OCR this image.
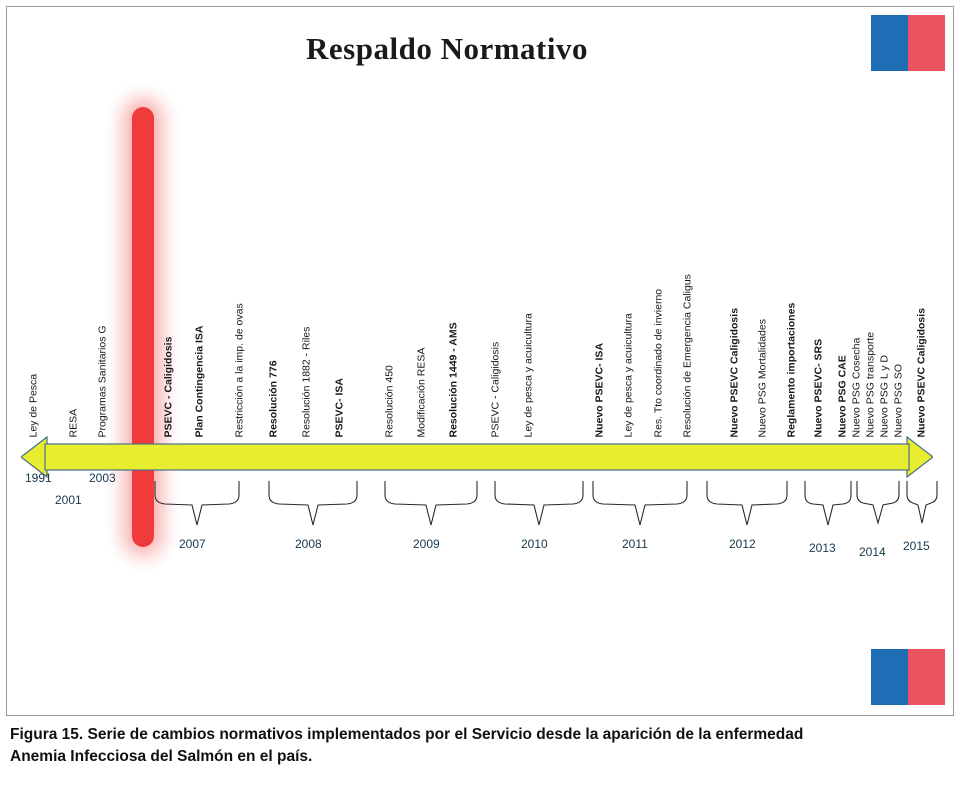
Respaldo Normativo
Ley de Pesca	RESA Programas Sanitarios G	PSEVC - Caligidosis Plan Contingencia ISA	Restricción a la imp. de ovas Resolución 776 Resolución 1882 - Riles PSEVC- ISA	Resolución 450 Modificación RESA Resolución 1449 - AMS	PSEVC - Caligidosis Ley de pesca y acuicultura	Nuevo PSEVC- ISA Ley de pesca y acuicultura Res. Tto coordinado de invierno Resolución de Emergencia Caligus	Nuevo PSEVC Caligidosis Nuevo PSG Mortalidades Reglamento importaciones Nuevo PSEVC- SRS Nuevo PSG CAE Nuevo PSG Cosecha Nuevo PSG transporte Nuevo PSG L y D Nuevo PSG SO Nuevo PSEVC Caligidosis
2007	2008	2009	2010	2011	2012	2013 2014 2015
1991
2001
2003
Figura 15. Serie de cambios normativos implementados por el Servicio desde la aparición de la enfermedad
Anemia Infecciosa del Salmón en el país.
